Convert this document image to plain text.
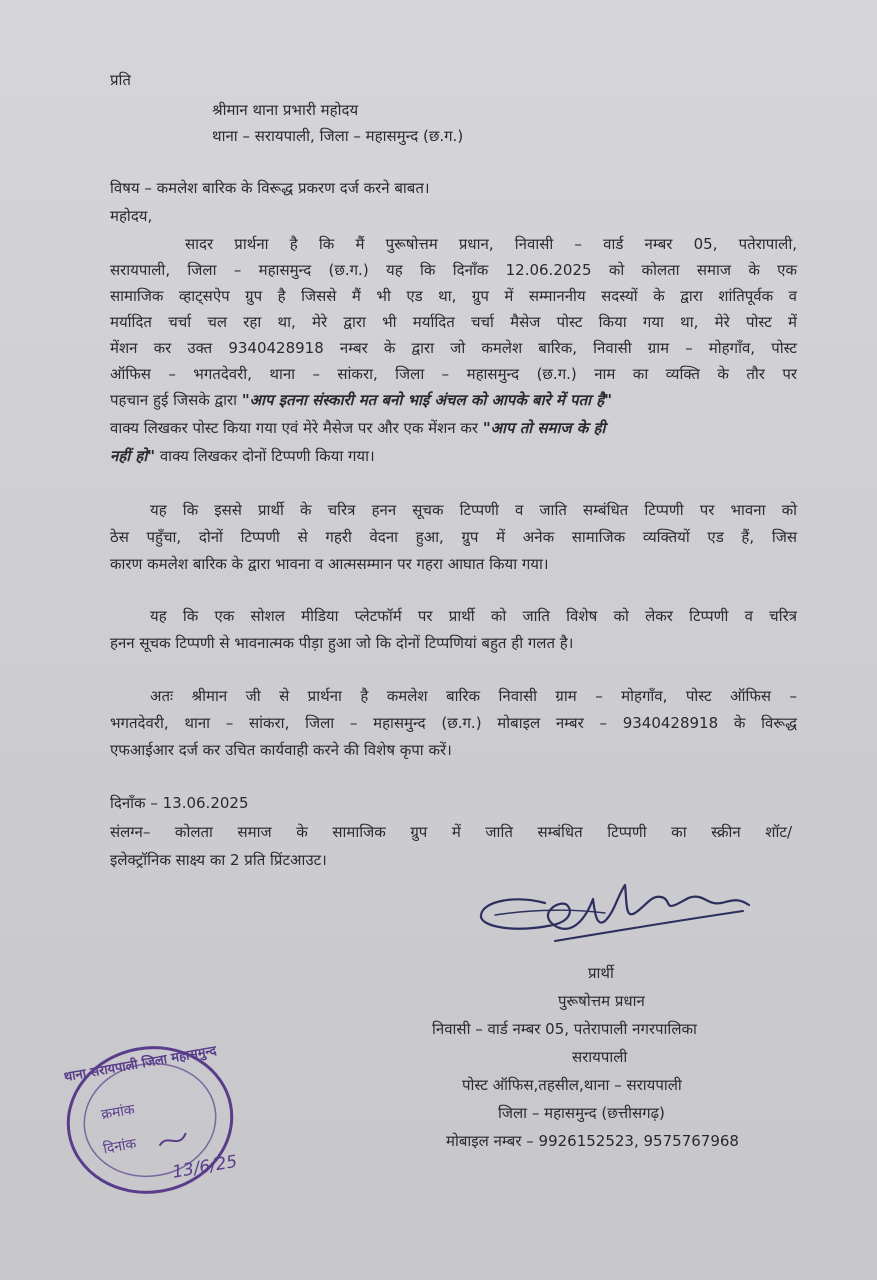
प्रति
श्रीमान थाना प्रभारी महोदय
थाना – सरायपाली, जिला – महासमुन्द (छ.ग.)
विषय – कमलेश बारिक के विरूद्ध प्रकरण दर्ज करने बाबत।
महोदय,
सादर प्रार्थना है कि मैं पुरूषोत्तम प्रधान, निवासी – वार्ड नम्बर 05, पतेरापाली,
सरायपाली, जिला – महासमुन्द (छ.ग.) यह कि दिनाँक 12.06.2025 को कोलता समाज के एक
सामाजिक व्हाट्सऐप ग्रुप है जिससे मैं भी एड था, ग्रुप में सम्माननीय सदस्यों के द्वारा शांतिपूर्वक व
मर्यादित चर्चा चल रहा था, मेरे द्वारा भी मर्यादित चर्चा मैसेज पोस्ट किया गया था, मेरे पोस्ट में
मेंशन कर उक्त 9340428918 नम्बर के द्वारा जो कमलेश बारिक, निवासी ग्राम – मोहगाँव, पोस्ट
ऑफिस – भगतदेवरी, थाना – सांकरा, जिला – महासमुन्द (छ.ग.) नाम का व्यक्ति के तौर पर
पहचान हुई जिसके द्वारा "आप इतना संस्कारी मत बनो भाई अंचल को आपके बारे में पता है"
वाक्य लिखकर पोस्ट किया गया एवं मेरे मैसेज पर और एक मेंशन कर "आप तो समाज के ही
नहीं हो" वाक्य लिखकर दोनों टिप्पणी किया गया।
यह कि इससे प्रार्थी के चरित्र हनन सूचक टिप्पणी व जाति सम्बंधित टिप्पणी पर भावना को
ठेस पहुँचा, दोनों टिप्पणी से गहरी वेदना हुआ, ग्रुप में अनेक सामाजिक व्यक्तियों एड हैं, जिस
कारण कमलेश बारिक के द्वारा भावना व आत्मसम्मान पर गहरा आघात किया गया।
यह कि एक सोशल मीडिया प्लेटफॉर्म पर प्रार्थी को जाति विशेष को लेकर टिप्पणी व चरित्र
हनन सूचक टिप्पणी से भावनात्मक पीड़ा हुआ जो कि दोनों टिप्पणियां बहुत ही गलत है।
अतः श्रीमान जी से प्रार्थना है कमलेश बारिक निवासी ग्राम – मोहगाँव, पोस्ट ऑफिस –
भगतदेवरी, थाना – सांकरा, जिला – महासमुन्द (छ.ग.) मोबाइल नम्बर – 9340428918 के विरूद्ध
एफआईआर दर्ज कर उचित कार्यवाही करने की विशेष कृपा करें।
दिनाँक – 13.06.2025
संलग्न– कोलता समाज के सामाजिक ग्रुप में जाति सम्बंधित टिप्पणी का स्क्रीन शॉट/
इलेक्ट्रॉनिक साक्ष्य का 2 प्रति प्रिंटआउट।
प्रार्थी
पुरूषोत्तम प्रधान
निवासी – वार्ड नम्बर 05, पतेरापाली नगरपालिका
सरायपाली
पोस्ट ऑफिस,तहसील,थाना – सरायपाली
जिला – महासमुन्द (छत्तीसगढ़)
मोबाइल नम्बर – 9926152523, 9575767968
थाना सरायपाली जिला महासमुन्द
क्रमांक
दिनांक
13/6/25
